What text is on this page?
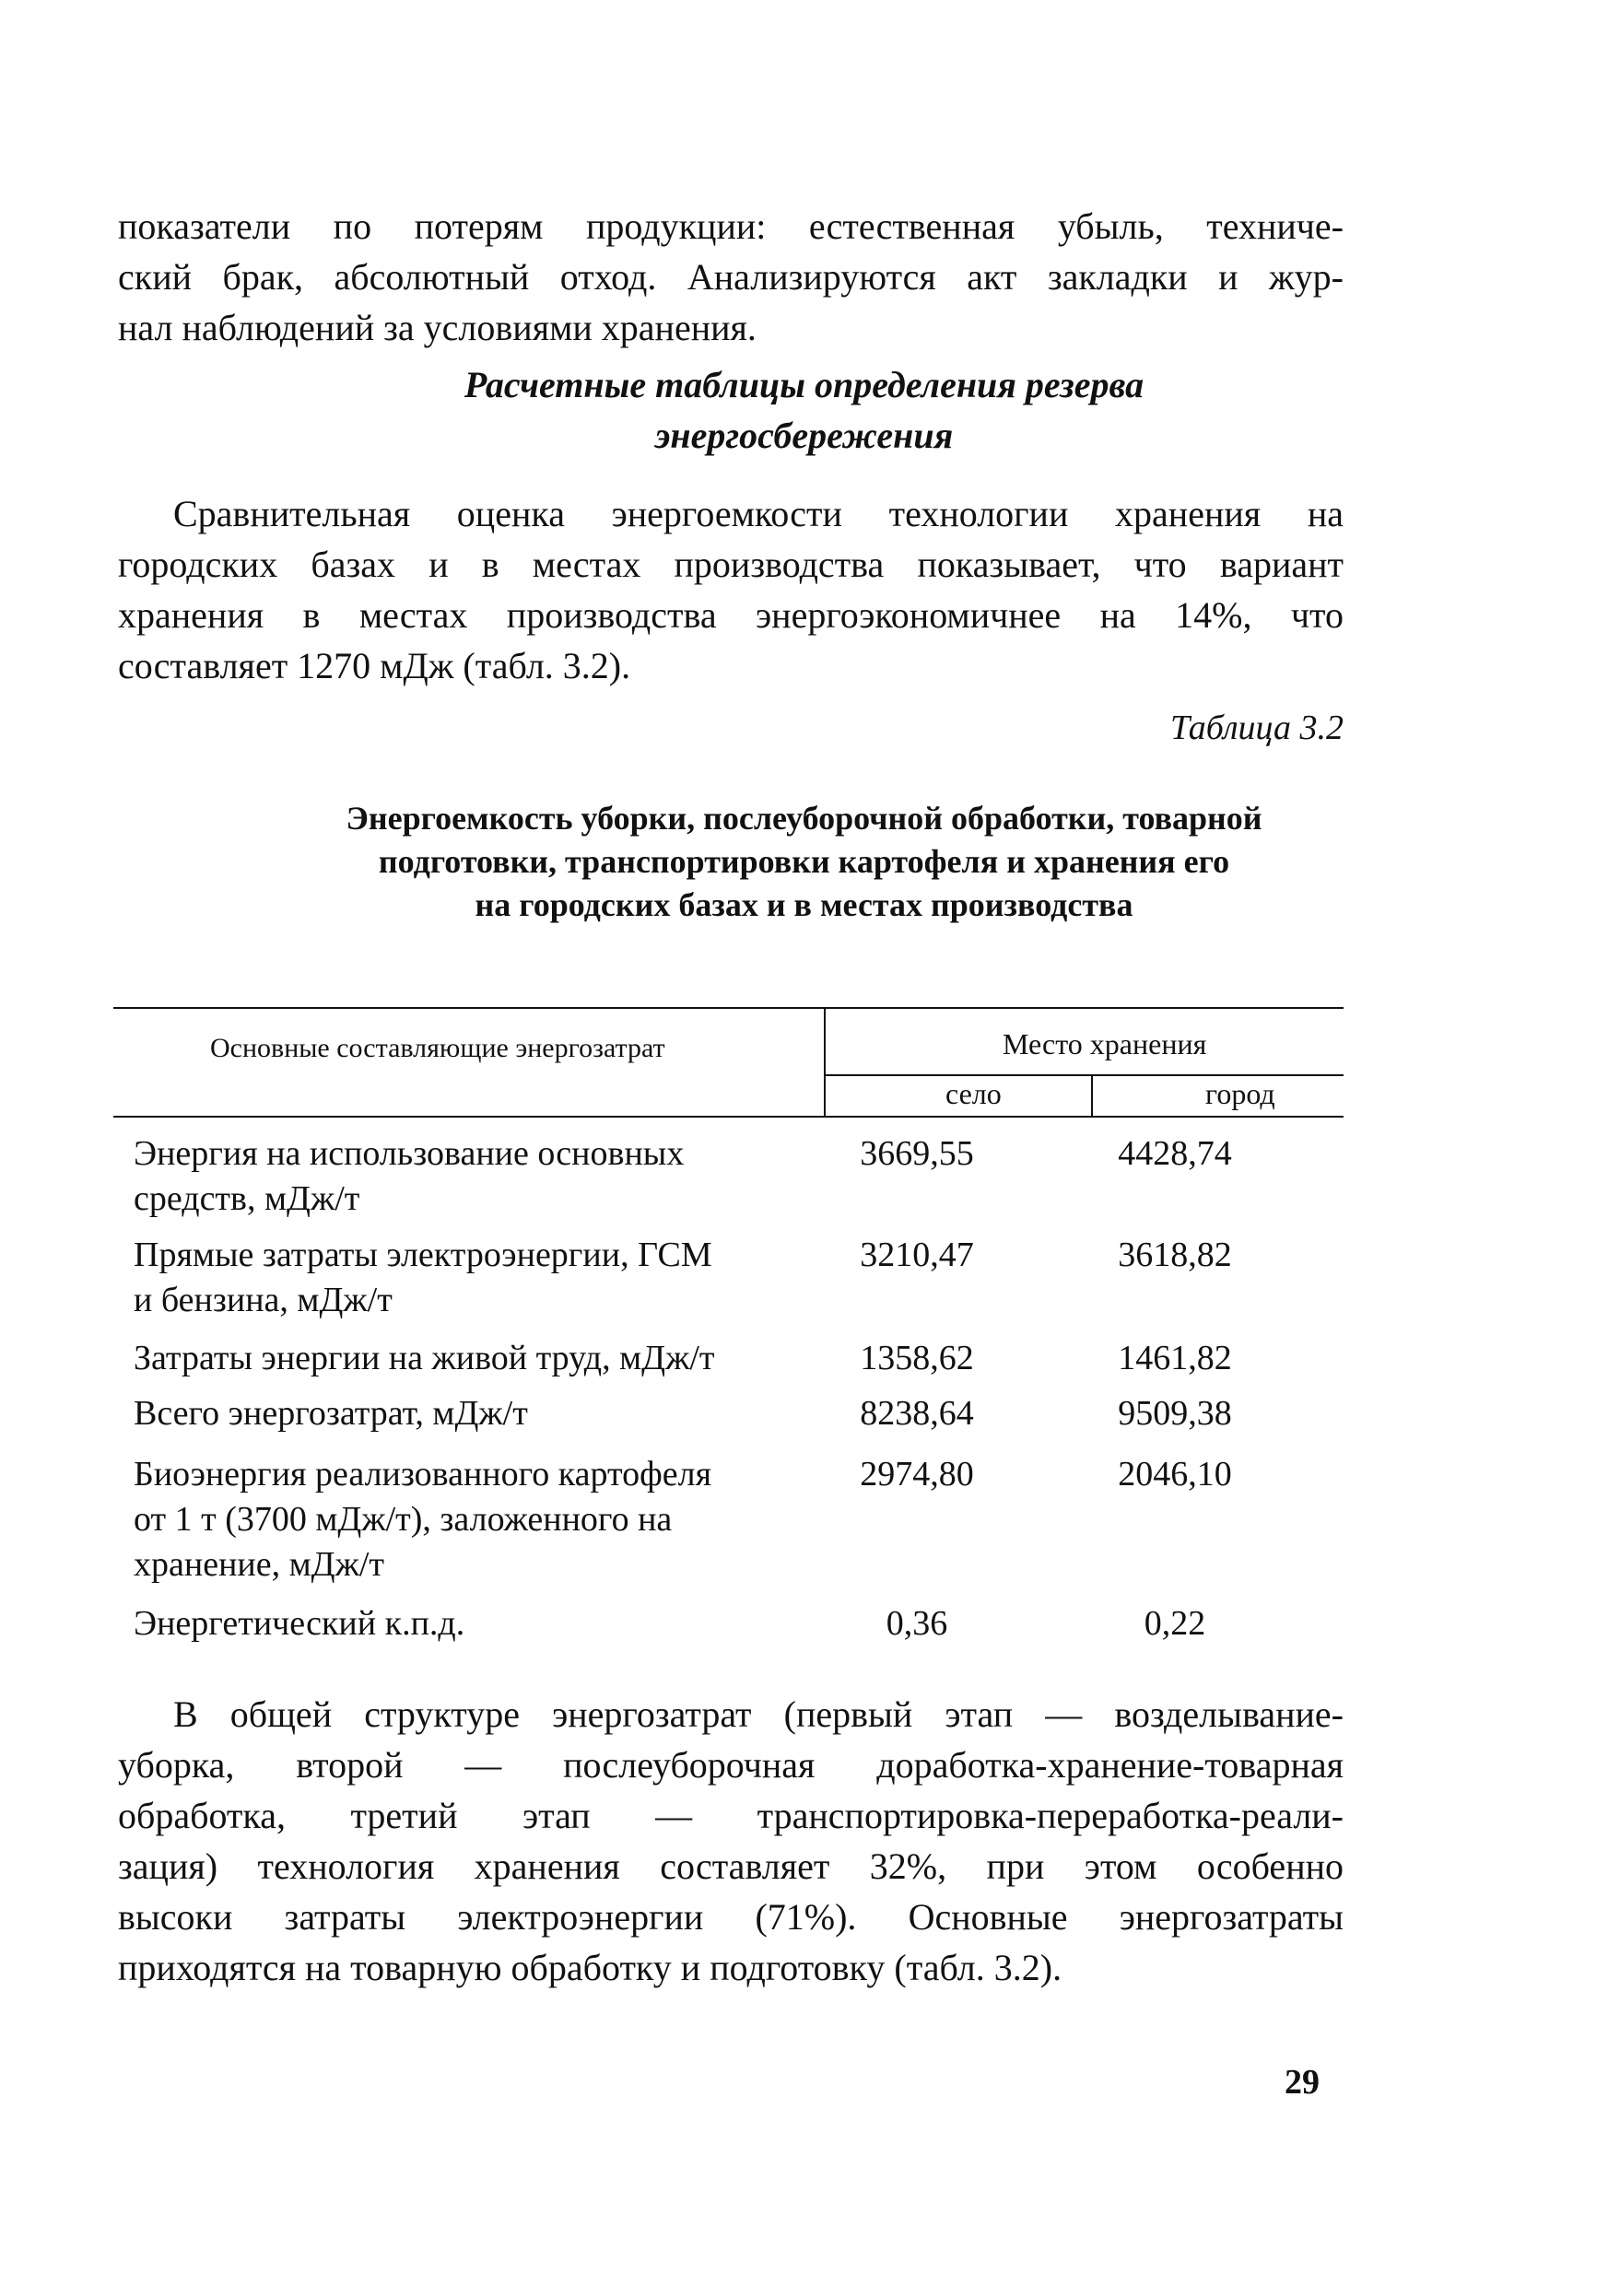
показатели по потерям продукции: естественная убыль, техниче-
ский брак, абсолютный отход. Анализируются акт закладки и жур-
нал наблюдений за условиями хранения.
Расчетные таблицы определения резерва
энергосбережения
Сравнительная оценка энергоемкости технологии хранения на
городских базах и в местах производства показывает, что вариант
хранения в местах производства энергоэкономичнее на 14%, что
составляет 1270 мДж (табл. 3.2).
Таблица 3.2
Энергоемкость уборки, послеуборочной обработки, товарной
подготовки, транспортировки картофеля и хранения его
на городских базах и в местах производства
Основные составляющие энергозатрат	Место хранения
село	город
Энергия на использование основных
средств, мДж/т
3669,55	4428,74
Прямые затраты электроэнергии, ГСМ
и бензина, мДж/т
3210,47	3618,82
Затраты энергии на живой труд, мДж/т	1358,62	1461,82
Всего энергозатрат, мДж/т	8238,64	9509,38
Биоэнергия реализованного картофеля
от 1 т (3700 мДж/т), заложенного на
хранение, мДж/т
2974,80	2046,10
Энергетический к.п.д.	0,36	0,22
В общей структуре энергозатрат (первый этап — возделывание-
уборка, второй — послеуборочная доработка-хранение-товарная
обработка, третий этап — транспортировка-переработка-реали-
зация) технология хранения составляет 32%, при этом особенно
высоки затраты электроэнергии (71%). Основные энергозатраты
приходятся на товарную обработку и подготовку (табл. 3.2).
29
